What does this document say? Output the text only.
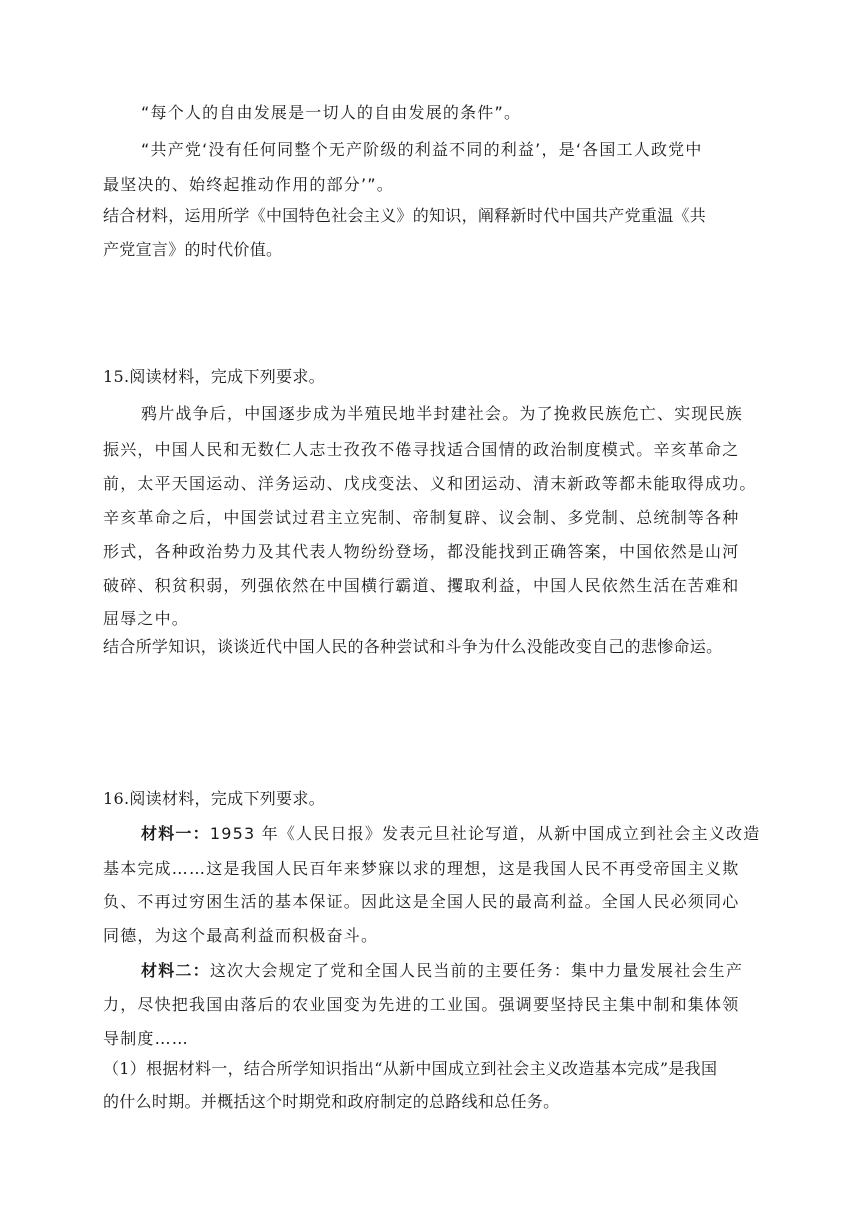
“每个人的自由发展是一切人的自由发展的条件”。
“共产党‘没有任何同整个无产阶级的利益不同的利益’，是‘各国工人政党中
最坚决的、始终起推动作用的部分’”。
结合材料，运用所学《中国特色社会主义》的知识，阐释新时代中国共产党重温《共
产党宣言》的时代价值。
15.阅读材料，完成下列要求。
鸦片战争后，中国逐步成为半殖民地半封建社会。为了挽救民族危亡、实现民族
振兴，中国人民和无数仁人志士孜孜不倦寻找适合国情的政治制度模式。辛亥革命之
前，太平天国运动、洋务运动、戊戌变法、义和团运动、清末新政等都未能取得成功。
辛亥革命之后，中国尝试过君主立宪制、帝制复辟、议会制、多党制、总统制等各种
形式，各种政治势力及其代表人物纷纷登场，都没能找到正确答案，中国依然是山河
破碎、积贫积弱，列强依然在中国横行霸道、攫取利益，中国人民依然生活在苦难和
屈辱之中。
结合所学知识，谈谈近代中国人民的各种尝试和斗争为什么没能改变自己的悲惨命运。
16.阅读材料，完成下列要求。
材料一：1953 年《人民日报》发表元旦社论写道，从新中国成立到社会主义改造
基本完成……这是我国人民百年来梦寐以求的理想，这是我国人民不再受帝国主义欺
负、不再过穷困生活的基本保证。因此这是全国人民的最高利益。全国人民必须同心
同德，为这个最高利益而积极奋斗。
材料二：这次大会规定了党和全国人民当前的主要任务：集中力量发展社会生产
力，尽快把我国由落后的农业国变为先进的工业国。强调要坚持民主集中制和集体领
导制度……
（1）根据材料一，结合所学知识指出“从新中国成立到社会主义改造基本完成”是我国
的什么时期。并概括这个时期党和政府制定的总路线和总任务。
